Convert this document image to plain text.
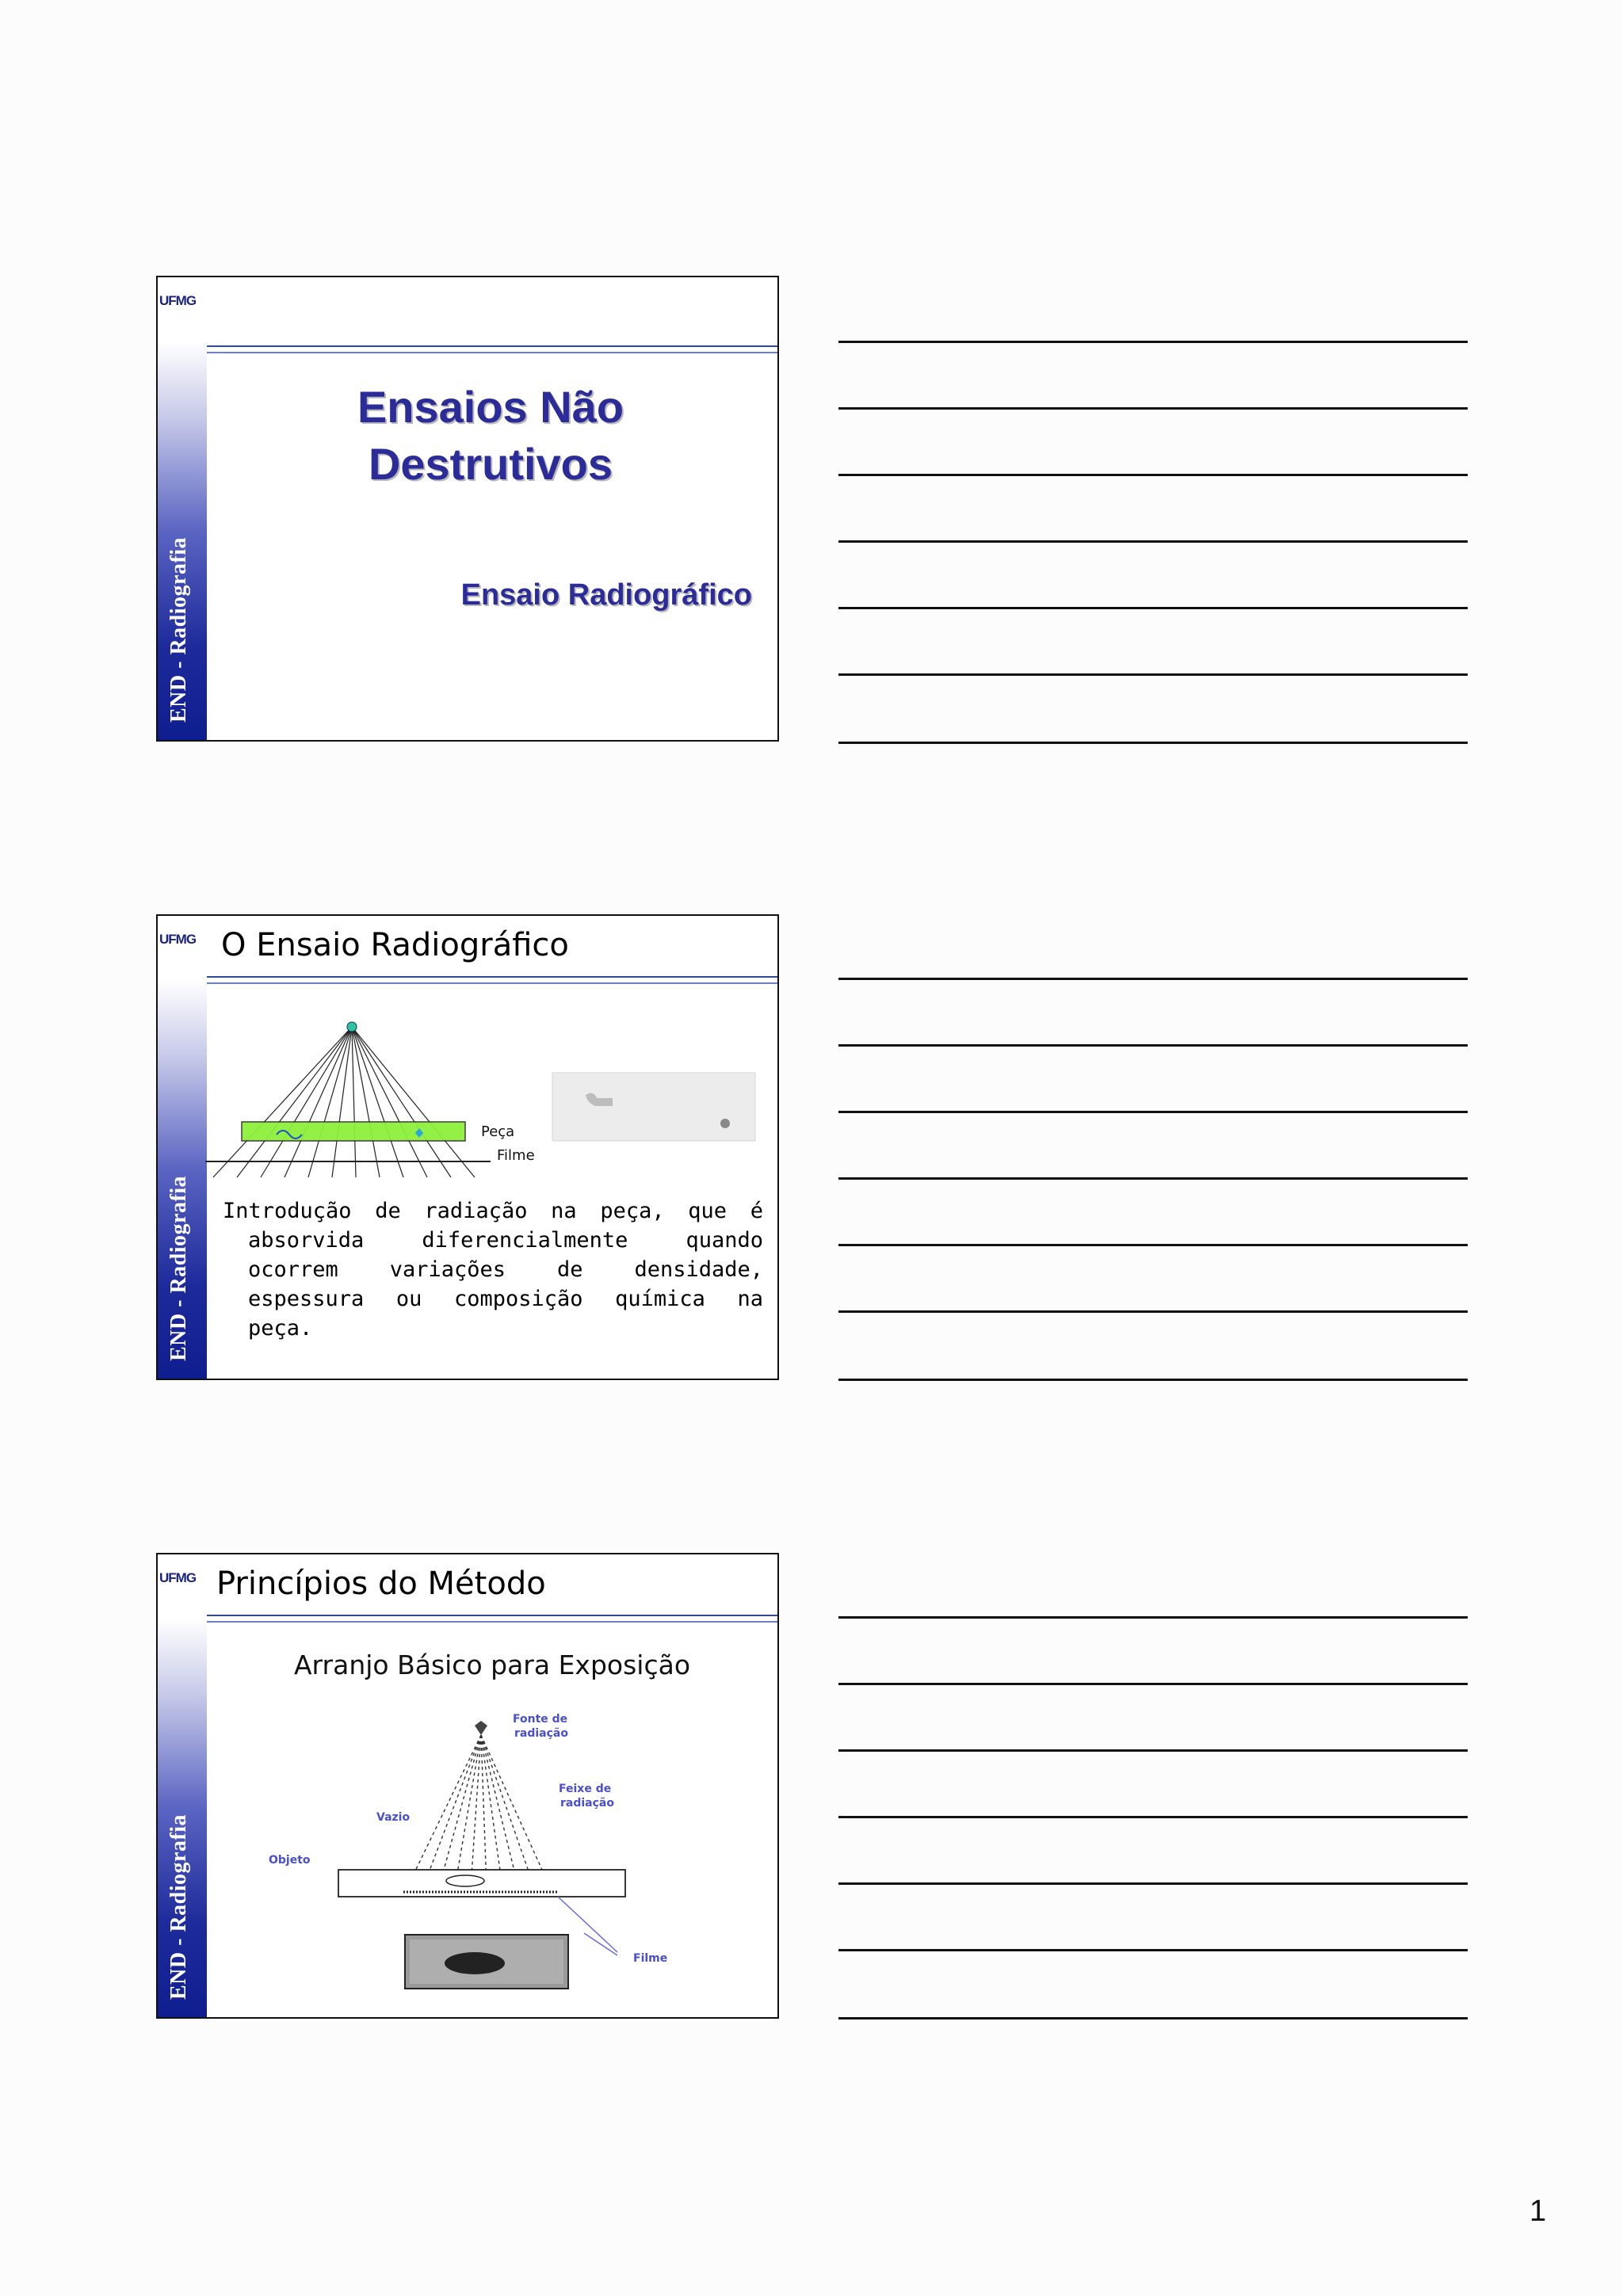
UFMG
END - Radiografia
Ensaios Não Destrutivos
Ensaio Radiográfico
UFMG
END - Radiografia
O Ensaio Radiográfico
Peça
Filme
Introdução de radiação na peça, que é absorvida diferencialmente quando ocorrem variações de densidade, espessura ou composição química na peça.
UFMG
END - Radiografia
Princípios do Método
Arranjo Básico para Exposição
Fonte de
radiação
Feixe de
radiação
Vazio
Objeto
Filme
1
